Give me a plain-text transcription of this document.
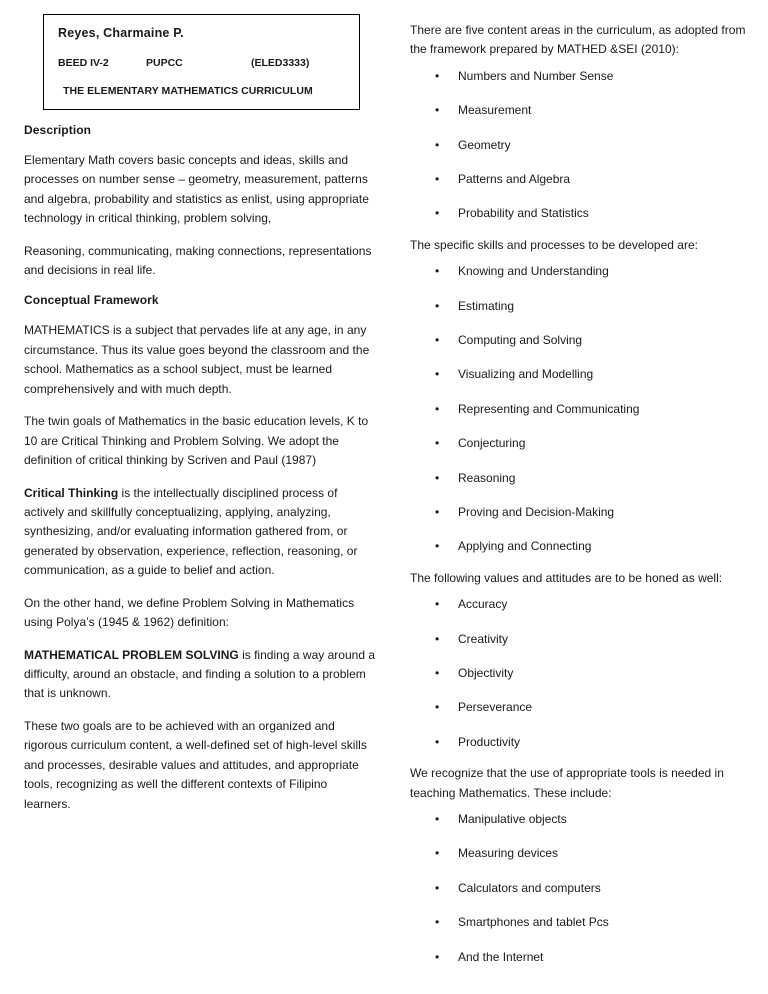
Reyes, Charmaine P.
BEED IV-2	PUPCC	(ELED3333)
THE ELEMENTARY MATHEMATICS CURRICULUM
Description

Elementary Math covers basic concepts and ideas, skills and processes on number sense – geometry, measurement, patterns and algebra, probability and statistics as enlist, using appropriate technology in critical thinking, problem solving,

Reasoning, communicating, making connections, representations and decisions in real life.

Conceptual Framework

MATHEMATICS is a subject that pervades life at any age, in any circumstance. Thus its value goes beyond the classroom and the school. Mathematics as a school subject, must be learned comprehensively and with much depth.

The twin goals of Mathematics in the basic education levels, K to 10 are Critical Thinking and Problem Solving. We adopt the definition of critical thinking by Scriven and Paul (1987)

Critical Thinking is the intellectually disciplined process of actively and skillfully conceptualizing, applying, analyzing, synthesizing, and/or evaluating information gathered from, or generated by observation, experience, reflection, reasoning, or communication, as a guide to belief and action.

On the other hand, we define Problem Solving in Mathematics using Polya’s (1945 & 1962) definition:

MATHEMATICAL PROBLEM SOLVING is finding a way around a difficulty, around an obstacle, and finding a solution to a problem that is unknown.

These two goals are to be achieved with an organized and rigorous curriculum content, a well-defined set of high-level skills and processes, desirable values and attitudes, and appropriate tools, recognizing as well the different contexts of Filipino learners.

There are five content areas in the curriculum, as adopted from the framework prepared by MATHED &SEI (2010):

• Numbers and Number Sense
• Measurement
• Geometry
• Patterns and Algebra
• Probability and Statistics

The specific skills and processes to be developed are:

• Knowing and Understanding
• Estimating
• Computing and Solving
• Visualizing and Modelling
• Representing and Communicating
• Conjecturing
• Reasoning
• Proving and Decision-Making
• Applying and Connecting

The following values and attitudes are to be honed as well:

• Accuracy
• Creativity
• Objectivity
• Perseverance
• Productivity

We recognize that the use of appropriate tools is needed in teaching Mathematics. These include:

• Manipulative objects
• Measuring devices
• Calculators and computers
• Smartphones and tablet Pcs
• And the Internet
